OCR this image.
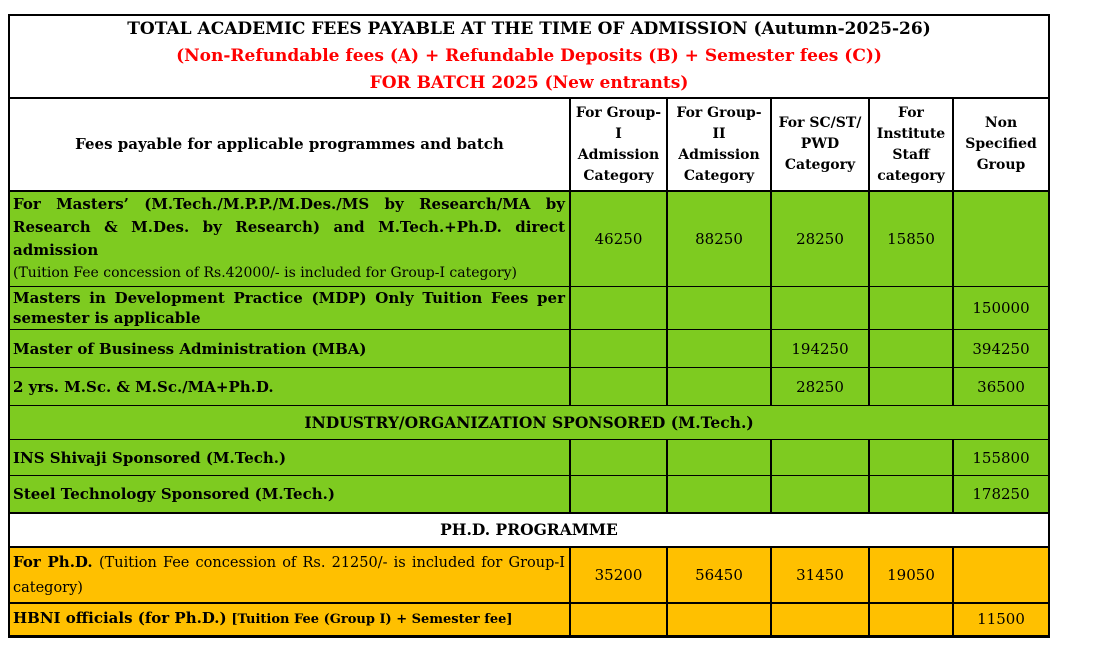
TOTAL ACADEMIC FEES PAYABLE AT THE TIME OF ADMISSION (Autumn-2025-26)
(Non-Refundable fees (A) + Refundable Deposits (B) + Semester fees (C))
FOR BATCH 2025 (New entrants)					

Fees payable for applicable programmes and batch	For Group-I Admission Category	For Group-II Admission Category	For SC/ST/ PWD Category	For Institute Staff category	Non Specified Group

For Masters’ (M.Tech./M.P.P./M.Des./MS by Research/MA by Research & M.Des. by Research) and M.Tech.+Ph.D. direct admission
(Tuition Fee concession of Rs.42000/- is included for Group-I category)	46250	88250	28250	15850	

Masters in Development Practice (MDP) Only Tuition Fees per semester is applicable					150000
Master of Business Administration (MBA)			194250		394250
2 yrs. M.Sc. & M.Sc./MA+Ph.D.			28250		36500
INDUSTRY/ORGANIZATION SPONSORED (M.Tech.)					
INS Shivaji Sponsored (M.Tech.)					155800
Steel Technology Sponsored (M.Tech.)					178250
PH.D. PROGRAMME					
For Ph.D. (Tuition Fee concession of Rs. 21250/- is included for Group-I category)	35200	56450	31450	19050	
HBNI officials (for Ph.D.) [Tuition Fee (Group I) + Semester fee]					11500
